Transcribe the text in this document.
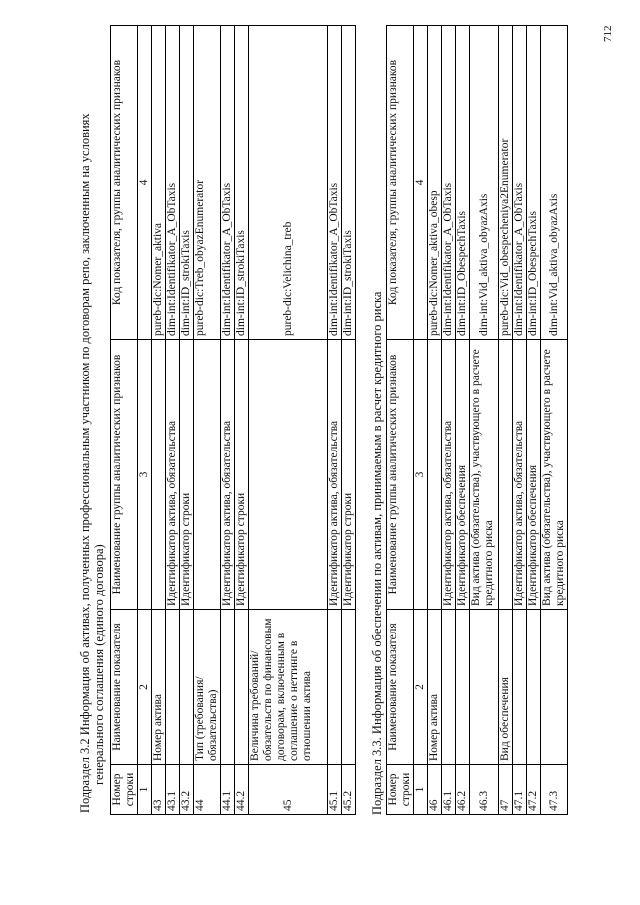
712

Подраздел 3.2 Информация об активах, полученных профессиональным участником по договорам репо, заключенным на условиях генерального соглашения (единого договора)

Номер строки	Наименование показателя	Наименование группы аналитических признаков	Код показателя, группы аналитических признаков
1	2	3	4
43	Номер актива		pureb-dic:Nomer_aktiva
43.1		Идентификатор актива, обязательства	dim-int:Identifikator_A_ObTaxis
43.2		Идентификатор строки	dim-int:ID_strokiTaxis
44	Тип (требования/обязательства)		pureb-dic:Treb_obyazEnumerator
44.1		Идентификатор актива, обязательства	dim-int:Identifikator_A_ObTaxis
44.2		Идентификатор строки	dim-int:ID_strokiTaxis
45	Величина требований/обязательств по финансовым договорам, включенным в соглашение о неттинге в отношении актива		pureb-dic:Velichina_treb
45.1		Идентификатор актива, обязательства	dim-int:Identifikator_A_ObTaxis
45.2		Идентификатор строки	dim-int:ID_strokiTaxis

Подраздел 3.3. Информация об обеспечении по активам, принимаемым в расчет кредитного риска Номер строки	Наименование показателя	Наименование группы аналитических признаков	Код показателя, группы аналитических признаков
1	2	3	4
46	Номер актива		pureb-dic:Nomer_aktiva_obesp
46.1		Идентификатор актива, обязательства	dim-int:Identifikator_A_ObTaxis
46.2		Идентификатор обеспечения	dim-int:ID_ObespechTaxis
46.3		Вид актива (обязательства), участвующего в расчете кредитного риска	dim-int:Vid_aktiva_obyazAxis
47	Вид обеспечения		pureb-dic:Vid_obespecheniya2Enumerator
47.1		Идентификатор актива, обязательства	dim-int:Identifikator_A_ObTaxis
47.2		Идентификатор обеспечения	dim-int:ID_ObespechTaxis
47.3		Вид актива (обязательства), участвующего в расчете кредитного риска	dim-int:Vid_aktiva_obyazAxis
